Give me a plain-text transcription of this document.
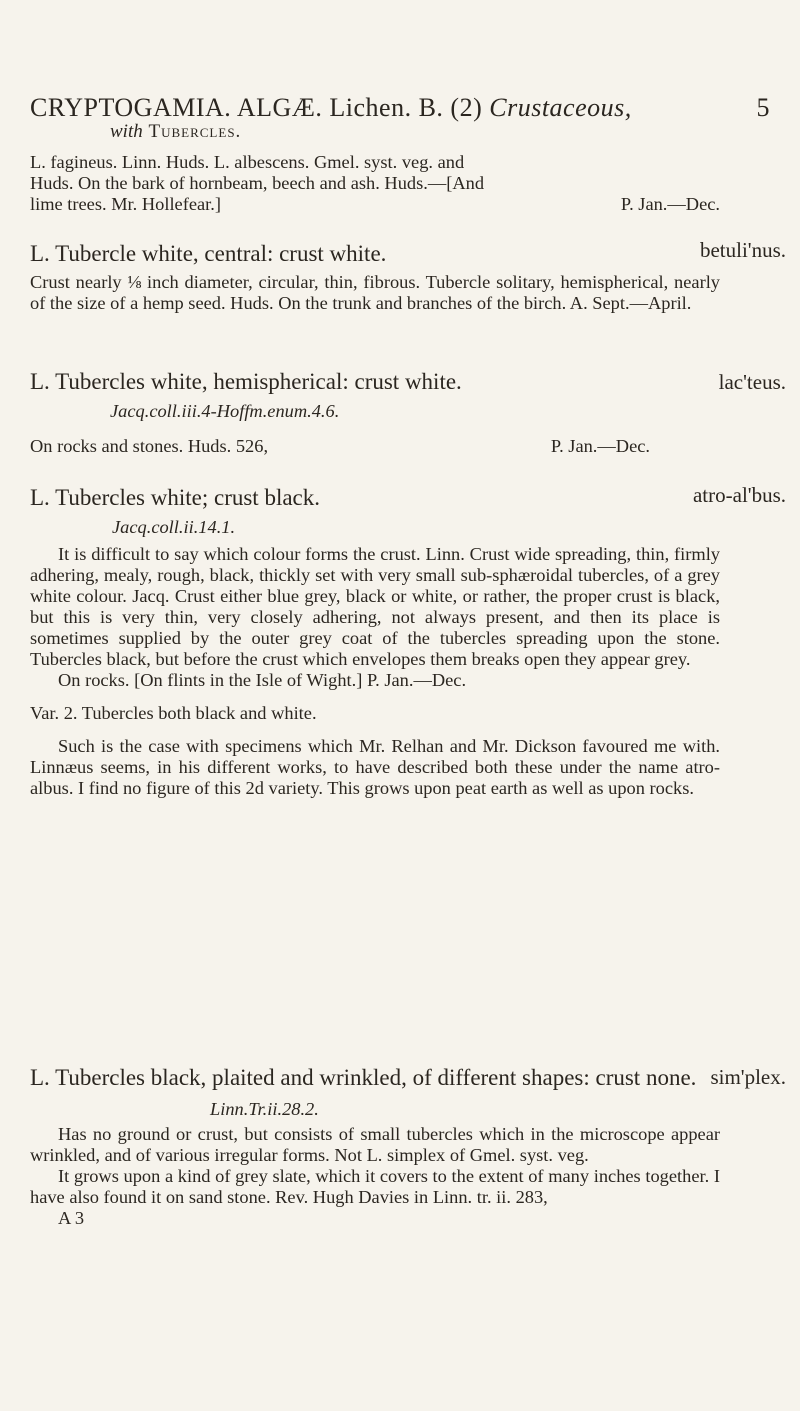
CRYPTOGAMIA. ALGÆ. Lichen. B. (2) Crustaceous,	5
with Tubercles.

L. fagineus. Linn. Huds. L. albescens. Gmel. syst. veg. and

Huds. On the bark of hornbeam, beech and ash. Huds.—[And

lime trees. Mr. Hollefear.]	P. Jan.—Dec.

betuli'nus.

L. Tubercle white, central: crust white.

Crust nearly ⅛ inch diameter, circular, thin, fibrous. Tubercle solitary, hemispherical, nearly of the size of a hemp seed. Huds. On the trunk and branches of the birch. A. Sept.—April.

lac'teus.

L. Tubercles white, hemispherical: crust white.

Jacq.coll.iii.4-Hoffm.enum.4.6.

On rocks and stones. Huds. 526,	P. Jan.—Dec.

atro-al'bus.

L. Tubercles white; crust black.

Jacq.coll.ii.14.1.

It is difficult to say which colour forms the crust. Linn. Crust wide spreading, thin, firmly adhering, mealy, rough, black, thickly set with very small sub-sphæroidal tubercles, of a grey white colour. Jacq. Crust either blue grey, black or white, or rather, the proper crust is black, but this is very thin, very closely adhering, not always present, and then its place is sometimes supplied by the outer grey coat of the tubercles spreading upon the stone. Tubercles black, but before the crust which envelopes them breaks open they appear grey.

On rocks. [On flints in the Isle of Wight.] P. Jan.—Dec.

Var. 2. Tubercles both black and white.

Such is the case with specimens which Mr. Relhan and Mr. Dickson favoured me with. Linnæus seems, in his different works, to have described both these under the name atro-albus. I find no figure of this 2d variety. This grows upon peat earth as well as upon rocks.

sim'plex.

L. Tubercles black, plaited and wrinkled, of different shapes: crust none.

Linn.Tr.ii.28.2.

Has no ground or crust, but consists of small tubercles which in the microscope appear wrinkled, and of various irregular forms. Not L. simplex of Gmel. syst. veg.

It grows upon a kind of grey slate, which it covers to the extent of many inches together. I have also found it on sand stone. Rev. Hugh Davies in Linn. tr. ii. 283,

A 3
